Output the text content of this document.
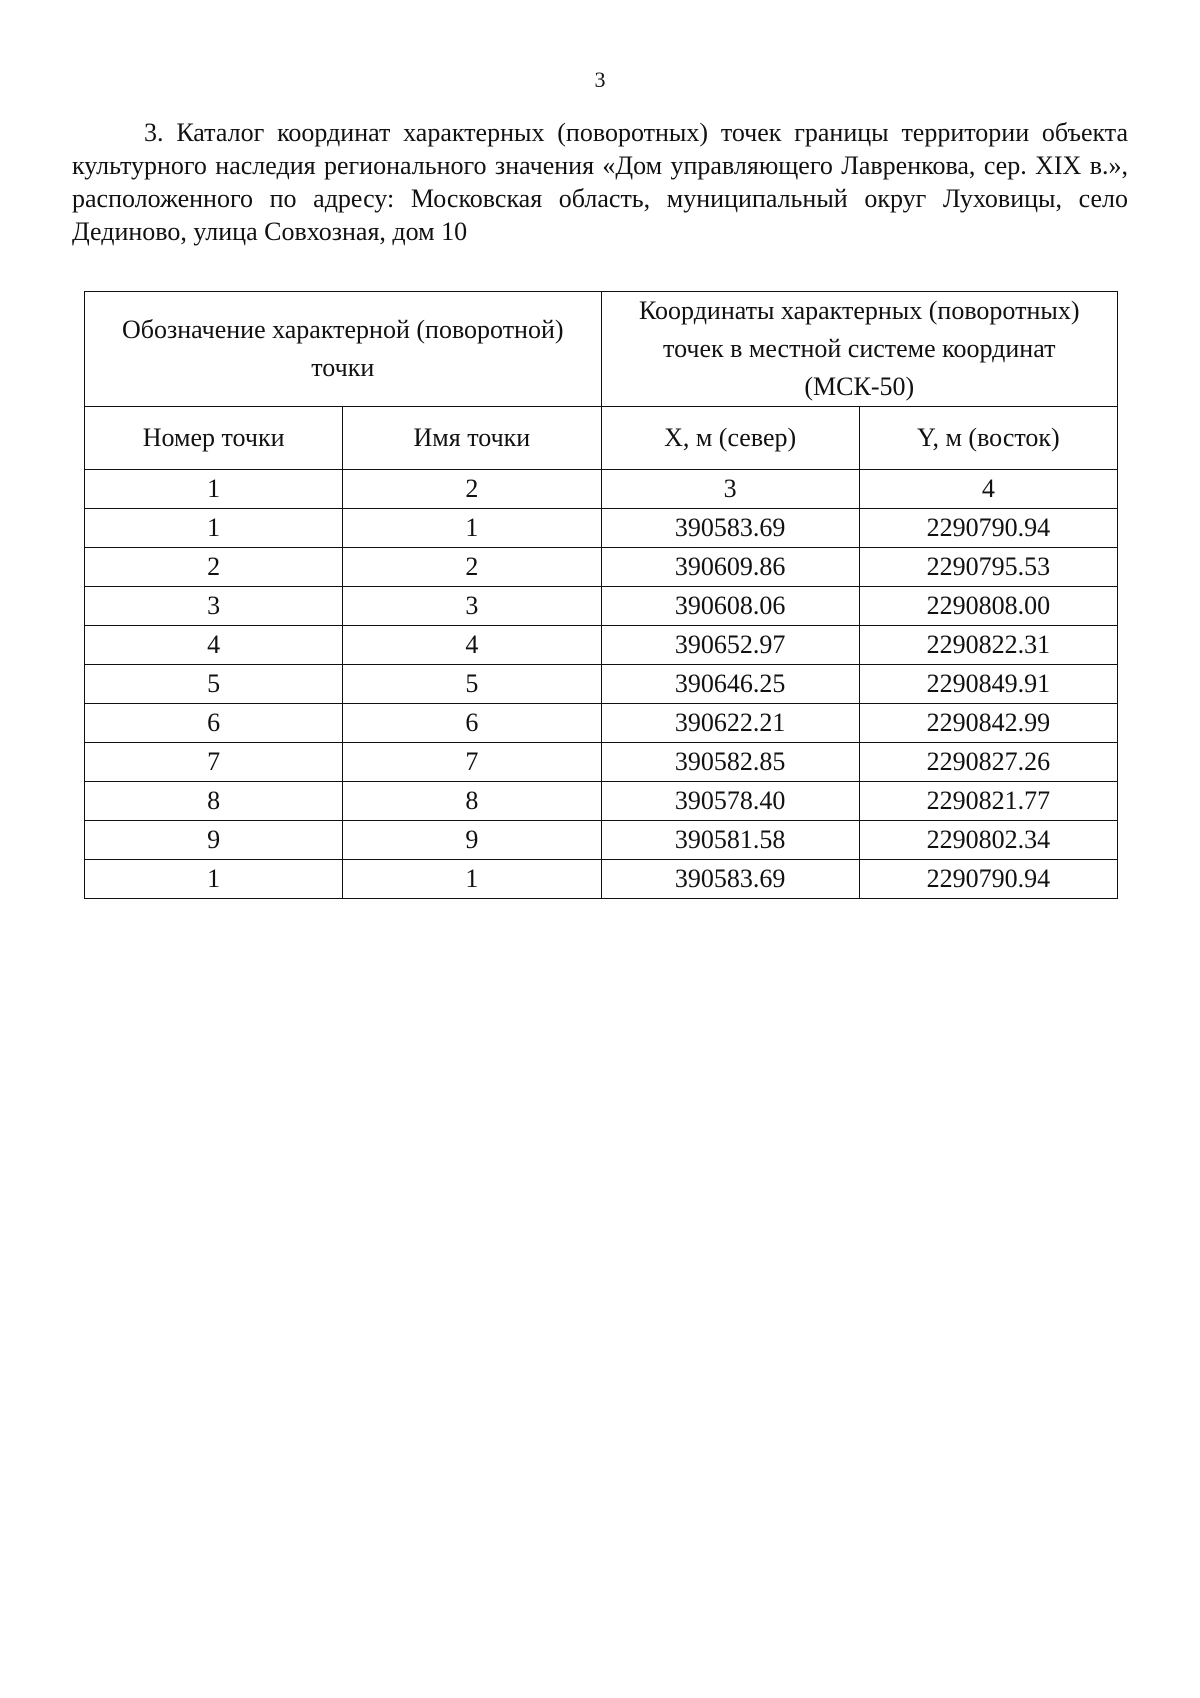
3

3. Каталог координат характерных (поворотных) точек границы территории объекта культурного наследия регионального значения «Дом управляющего Лавренкова, сер. XIX в.», расположенного по адресу: Московская область, муниципальный округ Луховицы, село Дединово, улица Совхозная, дом 10

Обозначение характерной (поворотной) точки		Координаты характерных (поворотных) точек в местной системе координат (МСК-50)	

Номер точки	Имя точки	X, м (север)	Y, м (восток)
1	2	3	4
1	1	390583.69	2290790.94
2	2	390609.86	2290795.53
3	3	390608.06	2290808.00
4	4	390652.97	2290822.31
5	5	390646.25	2290849.91
6	6	390622.21	2290842.99
7	7	390582.85	2290827.26
8	8	390578.40	2290821.77
9	9	390581.58	2290802.34
1	1	390583.69	2290790.94
